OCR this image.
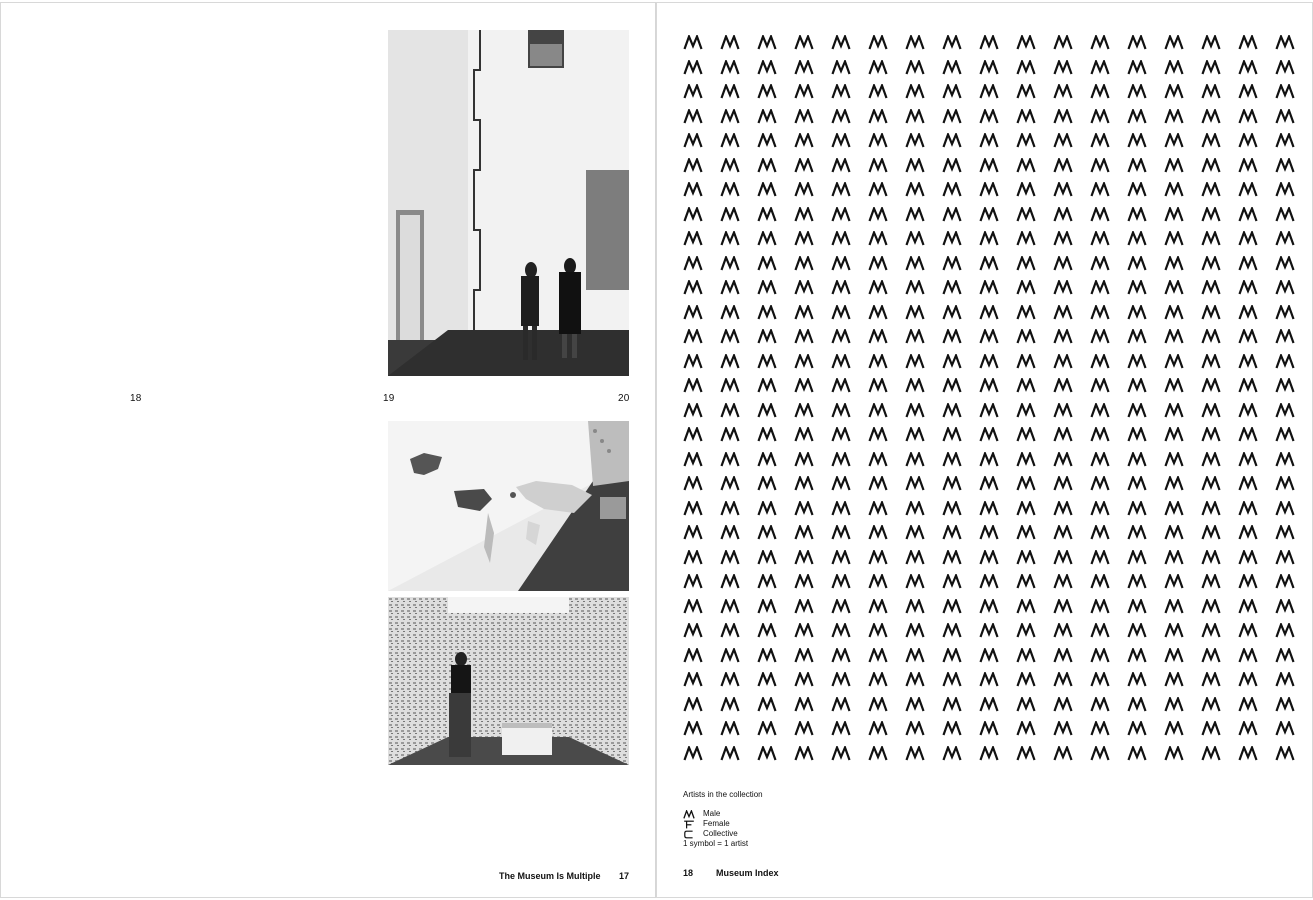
18	19	20
The Museum Is Multiple 17
Artists in the collection
Male
Female
Collective
1 symbol = 1 artist
18	Museum Index
